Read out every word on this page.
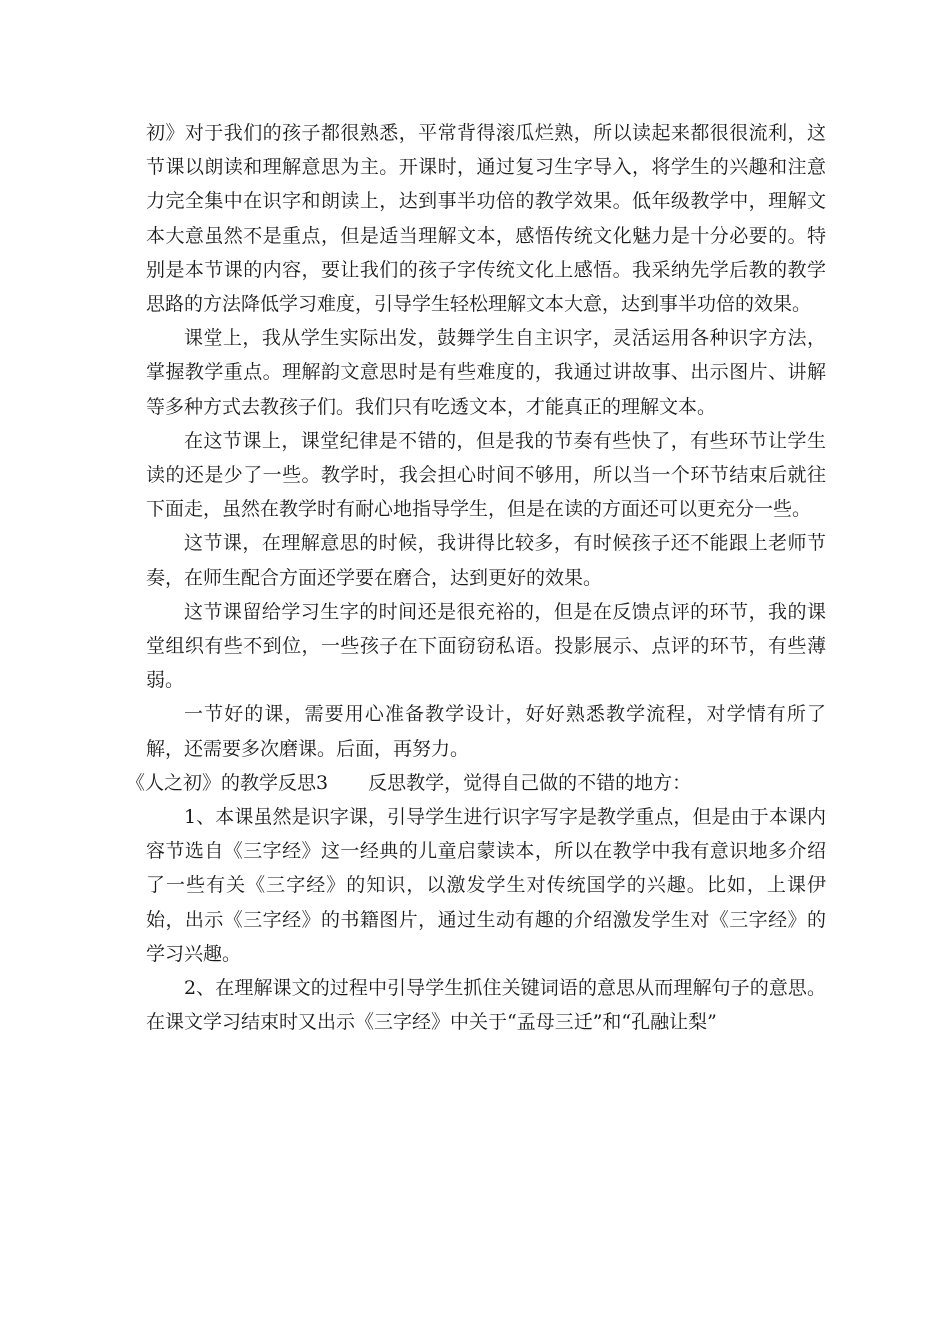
初》对于我们的孩子都很熟悉，平常背得滚瓜烂熟，所以读起来都很很流利，这节课以朗读和理解意思为主。开课时，通过复习生字导入，将学生的兴趣和注意力完全集中在识字和朗读上，达到事半功倍的教学效果。低年级教学中，理解文本大意虽然不是重点，但是适当理解文本，感悟传统文化魅力是十分必要的。特别是本节课的内容，要让我们的孩子字传统文化上感悟。我采纳先学后教的教学思路的方法降低学习难度，引导学生轻松理解文本大意，达到事半功倍的效果。

课堂上，我从学生实际出发，鼓舞学生自主识字，灵活运用各种识字方法，掌握教学重点。理解韵文意思时是有些难度的，我通过讲故事、出示图片、讲解等多种方式去教孩子们。我们只有吃透文本，才能真正的理解文本。

在这节课上，课堂纪律是不错的，但是我的节奏有些快了，有些环节让学生读的还是少了一些。教学时，我会担心时间不够用，所以当一个环节结束后就往下面走，虽然在教学时有耐心地指导学生，但是在读的方面还可以更充分一些。

这节课，在理解意思的时候，我讲得比较多，有时候孩子还不能跟上老师节奏，在师生配合方面还学要在磨合，达到更好的效果。

这节课留给学习生字的时间还是很充裕的，但是在反馈点评的环节，我的课堂组织有些不到位，一些孩子在下面窃窃私语。投影展示、点评的环节，有些薄弱。

一节好的课，需要用心准备教学设计，好好熟悉教学流程，对学情有所了解，还需要多次磨课。后面，再努力。

《人之初》的教学反思3 反思教学，觉得自己做的不错的地方：

1、本课虽然是识字课，引导学生进行识字写字是教学重点，但是由于本课内容节选自《三字经》这一经典的儿童启蒙读本，所以在教学中我有意识地多介绍了一些有关《三字经》的知识，以激发学生对传统国学的兴趣。比如，上课伊始，出示《三字经》的书籍图片，通过生动有趣的介绍激发学生对《三字经》的学习兴趣。

2、在理解课文的过程中引导学生抓住关键词语的意思从而理解句子的意思。在课文学习结束时又出示《三字经》中关于“孟母三迁”和“孔融让梨”
